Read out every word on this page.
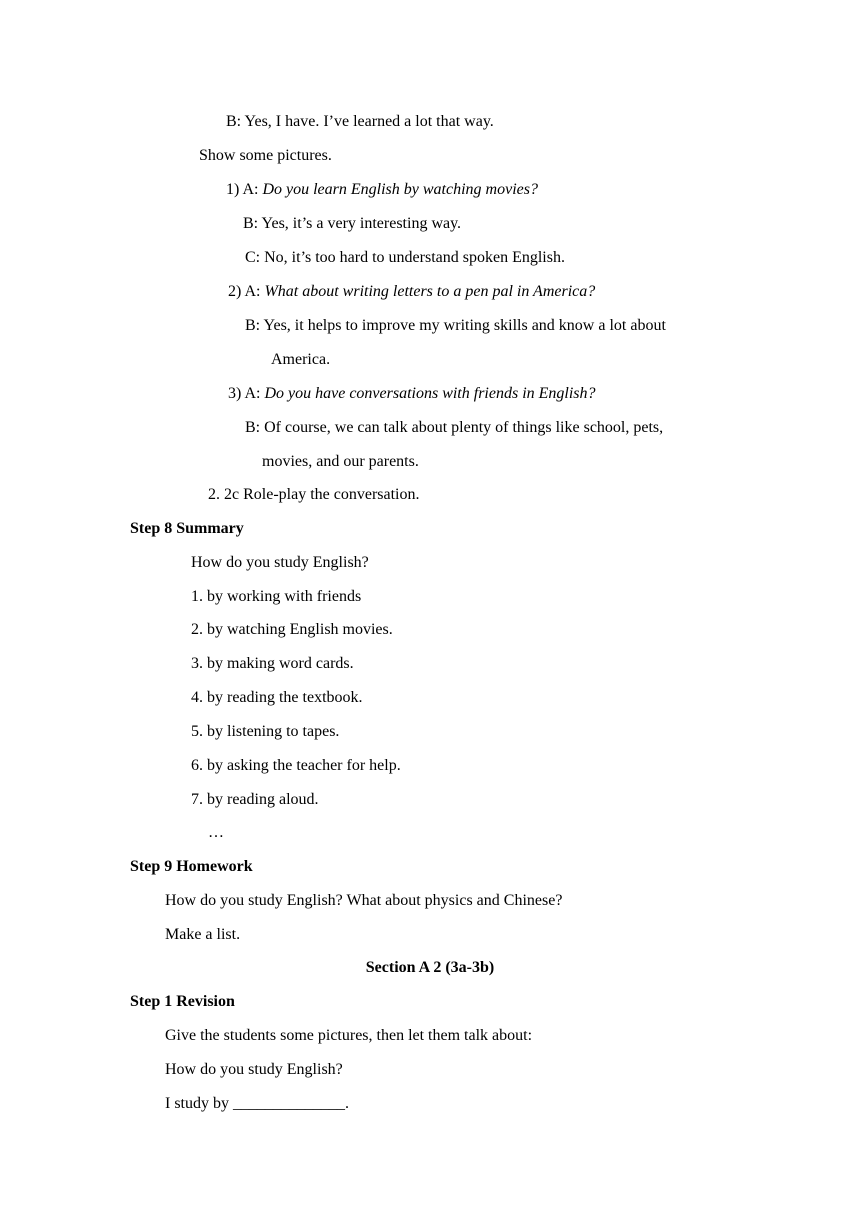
B: Yes, I have. I’ve learned a lot that way.
Show some pictures.
1) A: Do you learn English by watching movies?
B: Yes, it’s a very interesting way.
C: No, it’s too hard to understand spoken English.
2) A: What about writing letters to a pen pal in America?
B: Yes, it helps to improve my writing skills and know a lot about
America.
3) A: Do you have conversations with friends in English?
B: Of course, we can talk about plenty of things like school, pets,
movies, and our parents.
2. 2c Role-play the conversation.
Step 8 Summary
How do you study English?
1. by working with friends
2. by watching English movies.
3. by making word cards.
4. by reading the textbook.
5. by listening to tapes.
6. by asking the teacher for help.
7. by reading aloud.
…
Step 9 Homework
How do you study English? What about physics and Chinese?
Make a list.
Section A 2 (3a-3b)
Step 1 Revision
Give the students some pictures, then let them talk about:
How do you study English?
I study by ______________.
